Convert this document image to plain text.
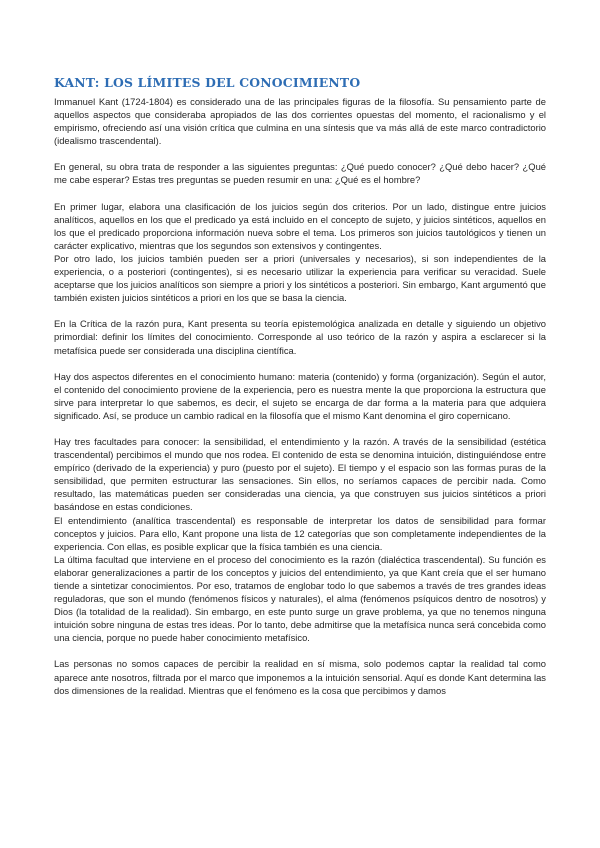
KANT: LOS LÍMITES DEL CONOCIMIENTO

Immanuel Kant (1724-1804) es considerado una de las principales figuras de la filosofía. Su pensamiento parte de aquellos aspectos que consideraba apropiados de las dos corrientes opuestas del momento, el racionalismo y el empirismo, ofreciendo así una visión crítica que culmina en una síntesis que va más allá de este marco contradictorio (idealismo trascendental).

En general, su obra trata de responder a las siguientes preguntas: ¿Qué puedo conocer? ¿Qué debo hacer? ¿Qué me cabe esperar? Estas tres preguntas se pueden resumir en una: ¿Qué es el hombre?

En primer lugar, elabora una clasificación de los juicios según dos criterios. Por un lado, distingue entre juicios analíticos, aquellos en los que el predicado ya está incluido en el concepto de sujeto, y juicios sintéticos, aquellos en los que el predicado proporciona información nueva sobre el tema. Los primeros son juicios tautológicos y tienen un carácter explicativo, mientras que los segundos son extensivos y contingentes.

Por otro lado, los juicios también pueden ser a priori (universales y necesarios), si son independientes de la experiencia, o a posteriori (contingentes), si es necesario utilizar la experiencia para verificar su veracidad. Suele aceptarse que los juicios analíticos son siempre a priori y los sintéticos a posteriori. Sin embargo, Kant argumentó que también existen juicios sintéticos a priori en los que se basa la ciencia.

En la Crítica de la razón pura, Kant presenta su teoría epistemológica analizada en detalle y siguiendo un objetivo primordial: definir los límites del conocimiento. Corresponde al uso teórico de la razón y aspira a esclarecer si la metafísica puede ser considerada una disciplina científica.

Hay dos aspectos diferentes en el conocimiento humano: materia (contenido) y forma (organización). Según el autor, el contenido del conocimiento proviene de la experiencia, pero es nuestra mente la que proporciona la estructura que sirve para interpretar lo que sabemos, es decir, el sujeto se encarga de dar forma a la materia para que adquiera significado. Así, se produce un cambio radical en la filosofía que el mismo Kant denomina el giro copernicano.

Hay tres facultades para conocer: la sensibilidad, el entendimiento y la razón. A través de la sensibilidad (estética trascendental) percibimos el mundo que nos rodea. El contenido de esta se denomina intuición, distinguiéndose entre empírico (derivado de la experiencia) y puro (puesto por el sujeto). El tiempo y el espacio son las formas puras de la sensibilidad, que permiten estructurar las sensaciones. Sin ellos, no seríamos capaces de percibir nada. Como resultado, las matemáticas pueden ser consideradas una ciencia, ya que construyen sus juicios sintéticos a priori basándose en estas condiciones.

El entendimiento (analítica trascendental) es responsable de interpretar los datos de sensibilidad para formar conceptos y juicios. Para ello, Kant propone una lista de 12 categorías que son completamente independientes de la experiencia. Con ellas, es posible explicar que la física también es una ciencia.

La última facultad que interviene en el proceso del conocimiento es la razón (dialéctica trascendental). Su función es elaborar generalizaciones a partir de los conceptos y juicios del entendimiento, ya que Kant creía que el ser humano tiende a sintetizar conocimientos. Por eso, tratamos de englobar todo lo que sabemos a través de tres grandes ideas reguladoras, que son el mundo (fenómenos físicos y naturales), el alma (fenómenos psíquicos dentro de nosotros) y Dios (la totalidad de la realidad). Sin embargo, en este punto surge un grave problema, ya que no tenemos ninguna intuición sobre ninguna de estas tres ideas. Por lo tanto, debe admitirse que la metafísica nunca será concebida como una ciencia, porque no puede haber conocimiento metafísico.

Las personas no somos capaces de percibir la realidad en sí misma, solo podemos captar la realidad tal como aparece ante nosotros, filtrada por el marco que imponemos a la intuición sensorial. Aquí es donde Kant determina las dos dimensiones de la realidad. Mientras que el fenómeno es la cosa que percibimos y damos
